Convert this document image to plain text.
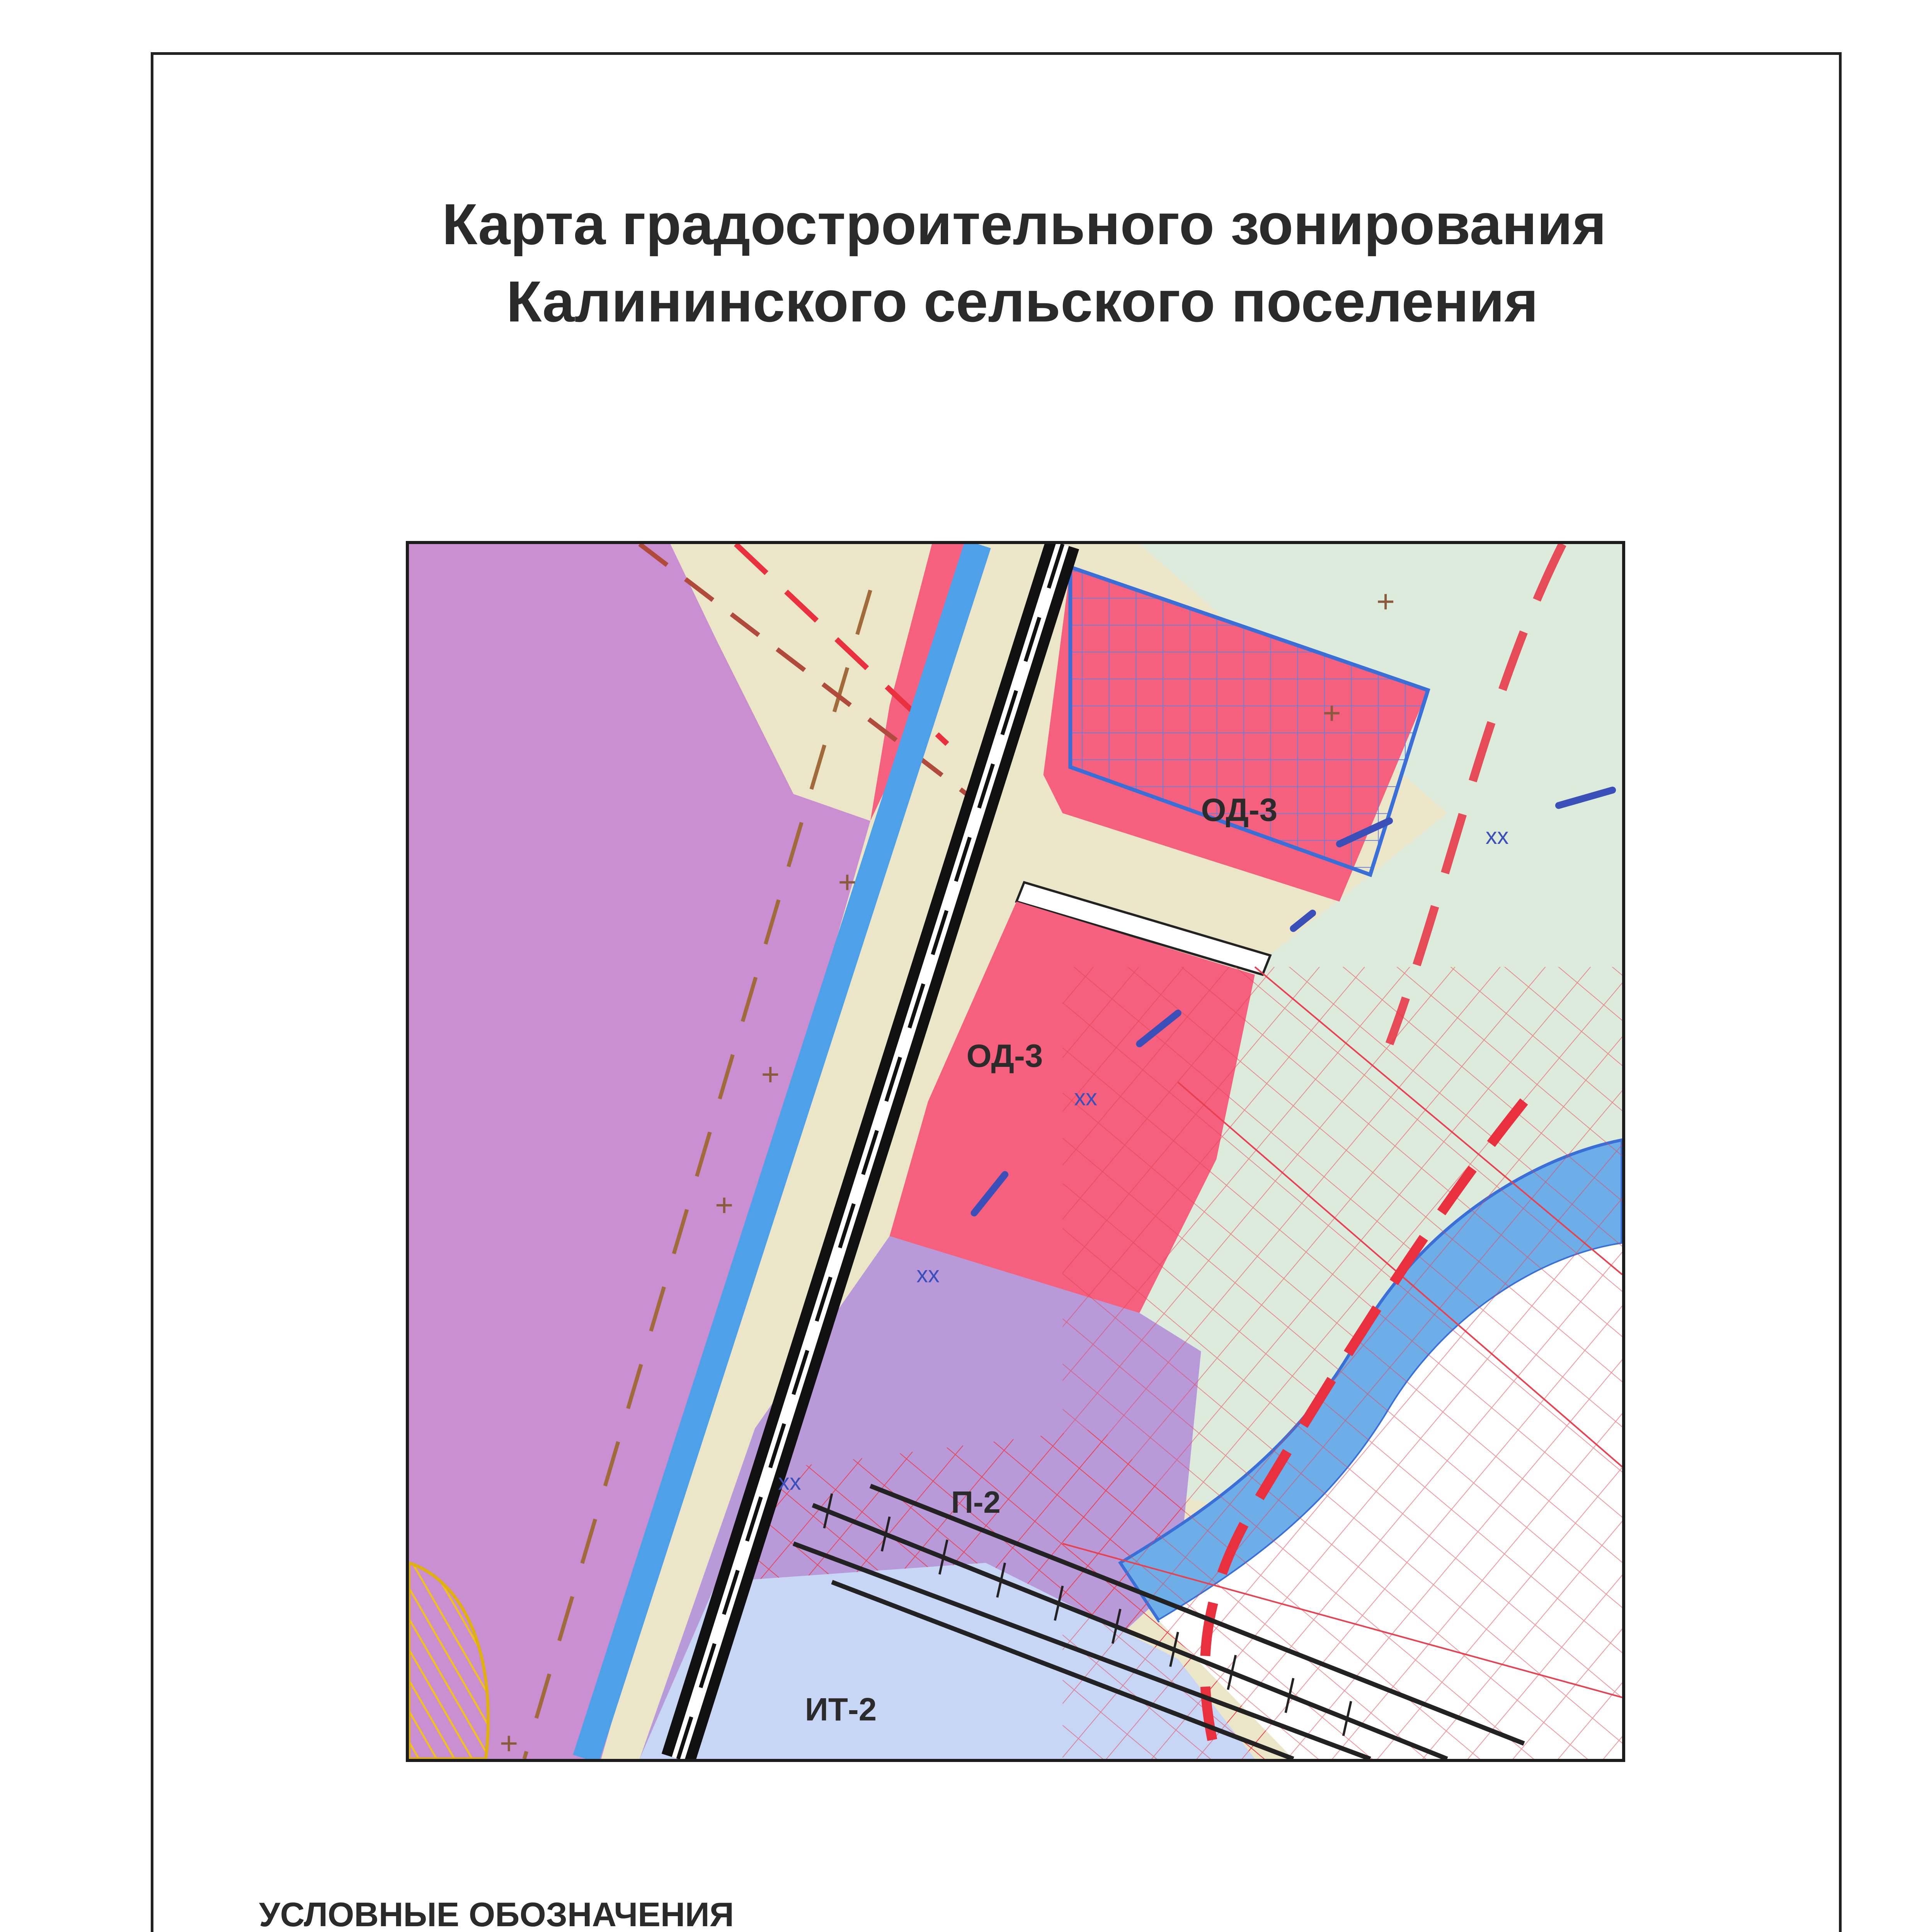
Карта градостроительного зонирования
Калининского сельского поселения
ОД-3
ОД-3
П-2
ИТ-2
хх
хх
хх
хх
УСЛОВНЫЕ ОБОЗНАЧЕНИЯ
